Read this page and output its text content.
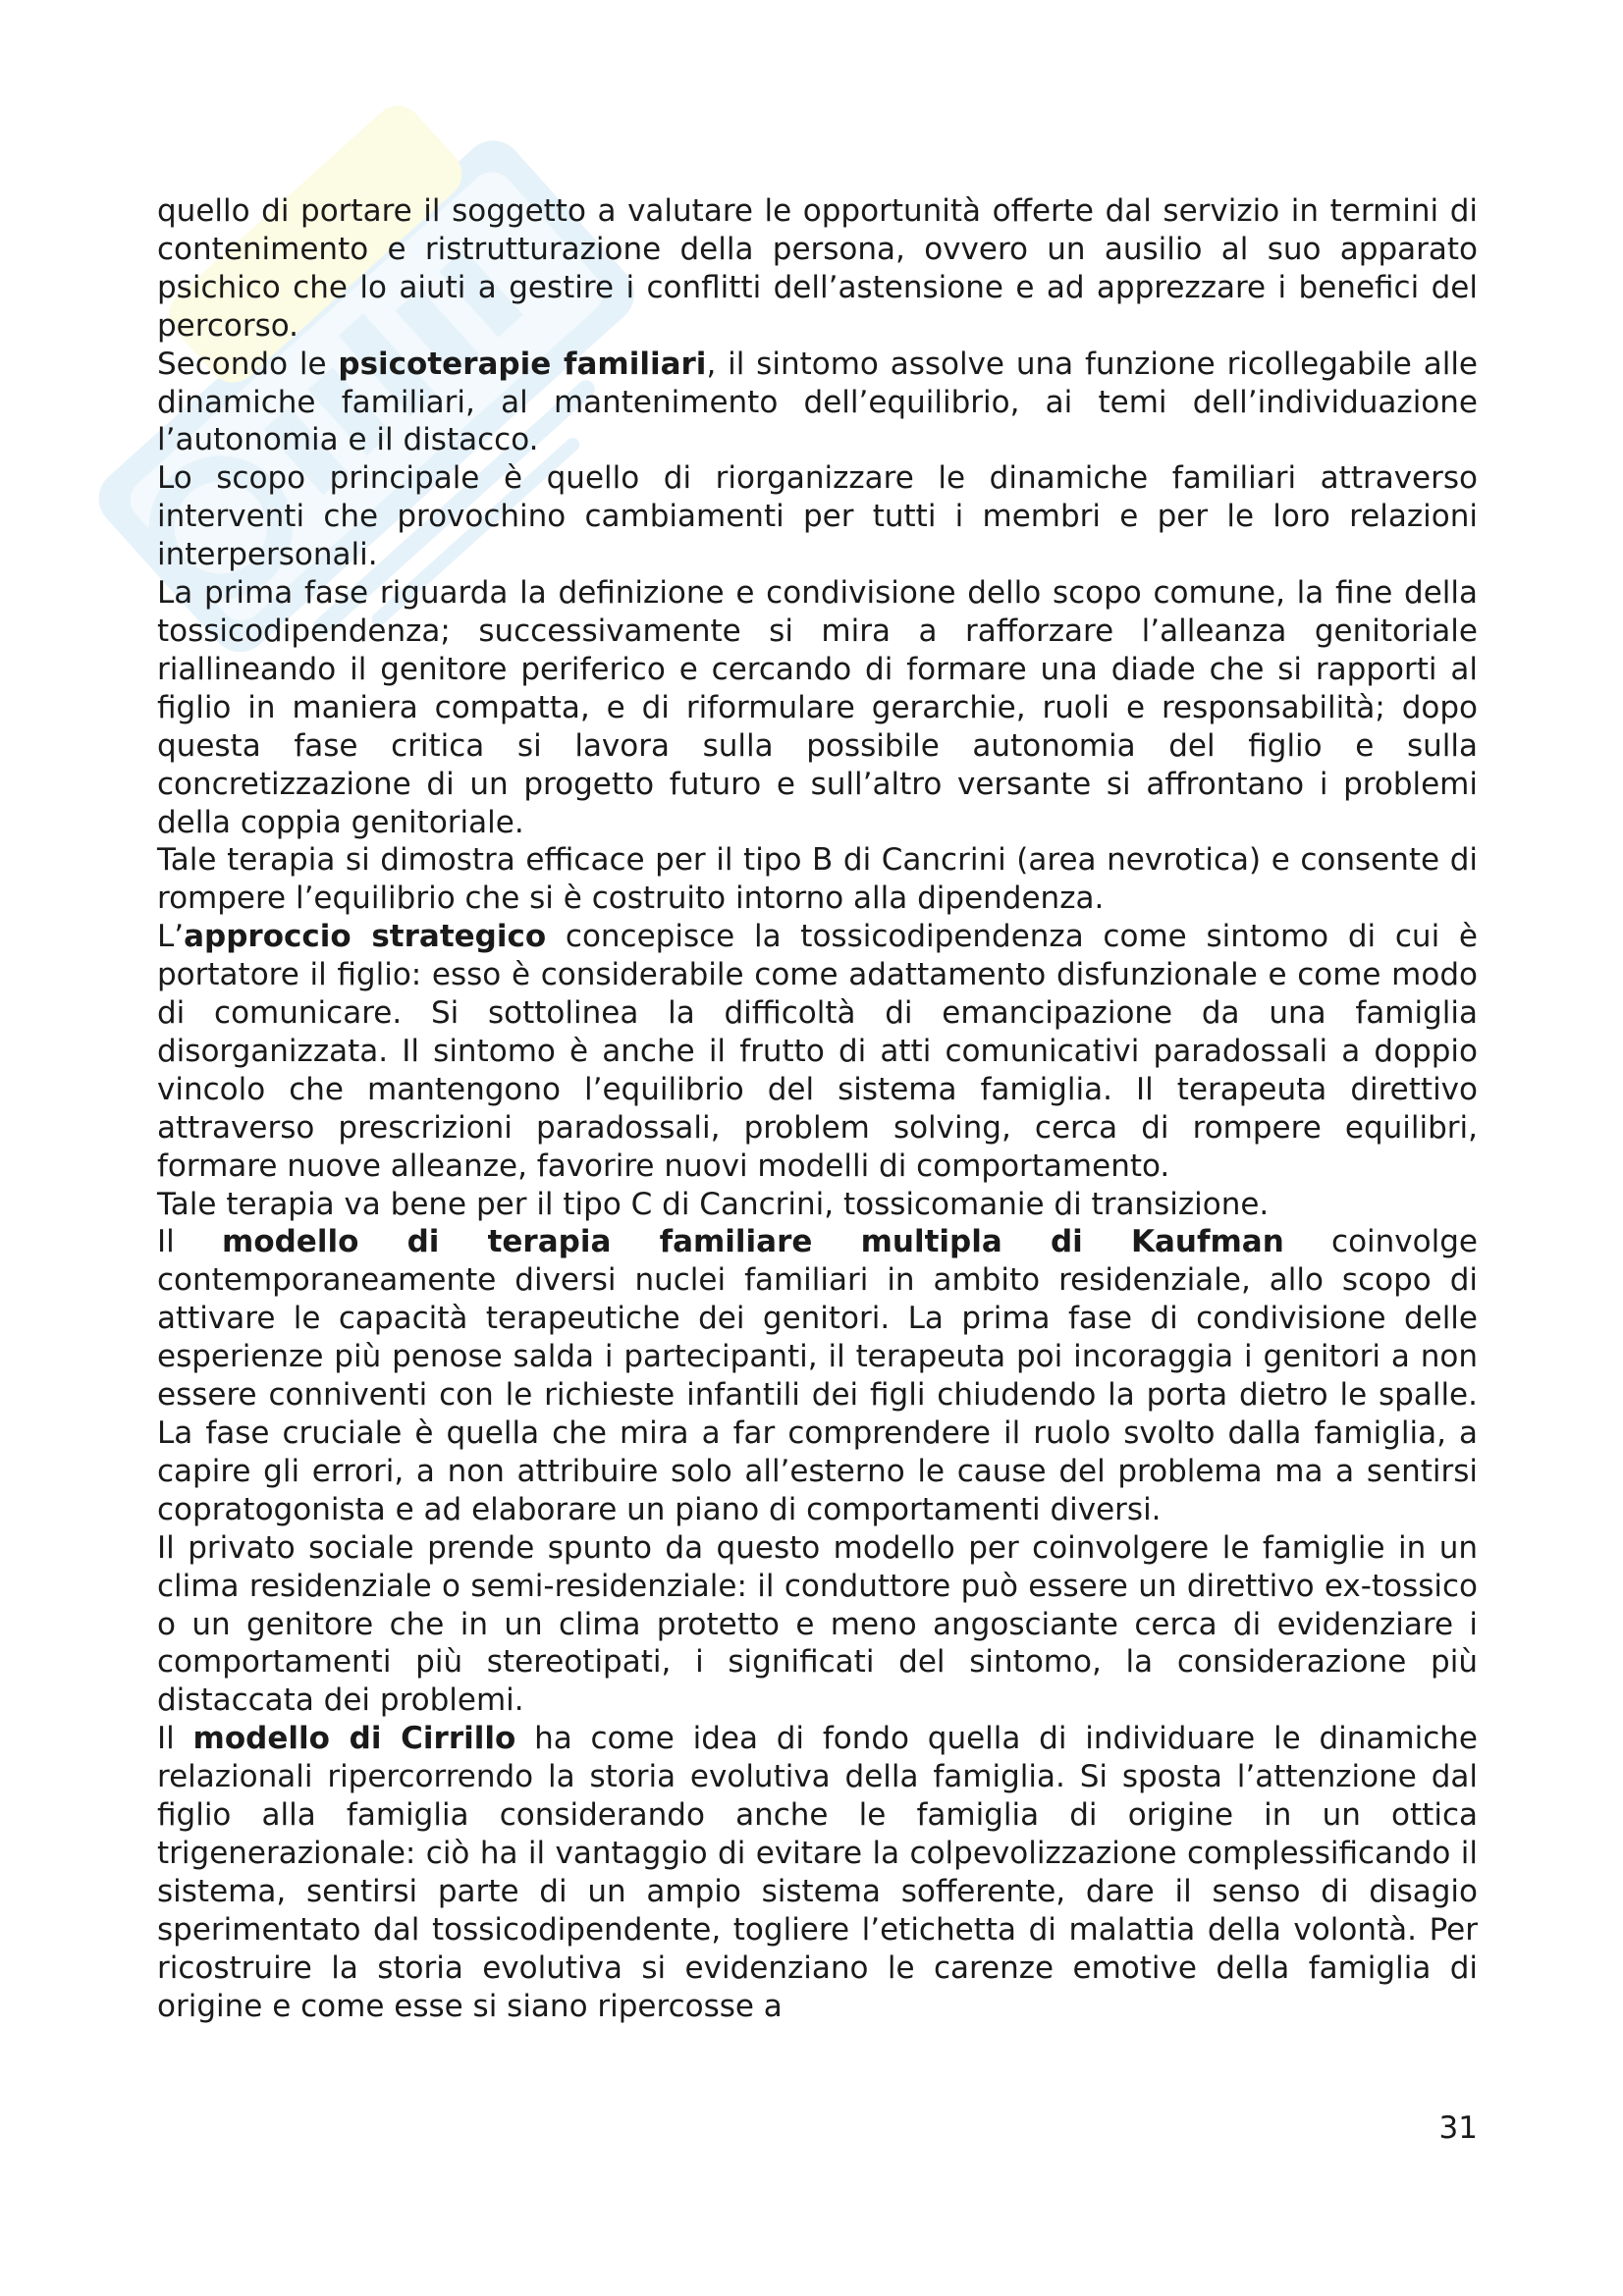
quello di portare il soggetto a valutare le opportunità offerte dal servizio in termini di contenimento e ristrutturazione della persona, ovvero un ausilio al suo apparato psichico che lo aiuti a gestire i conflitti dell’astensione e ad apprezzare i benefici del percorso.

Secondo le psicoterapie familiari, il sintomo assolve una funzione ricollegabile alle dinamiche familiari, al mantenimento dell’equilibrio, ai temi dell’individuazione l’autonomia e il distacco.

Lo scopo principale è quello di riorganizzare le dinamiche familiari attraverso interventi che provochino cambiamenti per tutti i membri e per le loro relazioni interpersonali.

La prima fase riguarda la definizione e condivisione dello scopo comune, la fine della tossicodipendenza; successivamente si mira a rafforzare l’alleanza genitoriale riallineando il genitore periferico e cercando di formare una diade che si rapporti al figlio in maniera compatta, e di riformulare gerarchie, ruoli e responsabilità; dopo questa fase critica si lavora sulla possibile autonomia del figlio e sulla concretizzazione di un progetto futuro e sull’altro versante si affrontano i problemi della coppia genitoriale.

Tale terapia si dimostra efficace per il tipo B di Cancrini (area nevrotica) e consente di rompere l’equilibrio che si è costruito intorno alla dipendenza.

L’approccio strategico concepisce la tossicodipendenza come sintomo di cui è portatore il figlio: esso è considerabile come adattamento disfunzionale e come modo di comunicare. Si sottolinea la difficoltà di emancipazione da una famiglia disorganizzata. Il sintomo è anche il frutto di atti comunicativi paradossali a doppio vincolo che mantengono l’equilibrio del sistema famiglia. Il terapeuta direttivo attraverso prescrizioni paradossali, problem solving, cerca di rompere equilibri, formare nuove alleanze, favorire nuovi modelli di comportamento.

Tale terapia va bene per il tipo C di Cancrini, tossicomanie di transizione.

Il modello di terapia familiare multipla di Kaufman coinvolge contemporaneamente diversi nuclei familiari in ambito residenziale, allo scopo di attivare le capacità terapeutiche dei genitori. La prima fase di condivisione delle esperienze più penose salda i partecipanti, il terapeuta poi incoraggia i genitori a non essere conniventi con le richieste infantili dei figli chiudendo la porta dietro le spalle. La fase cruciale è quella che mira a far comprendere il ruolo svolto dalla famiglia, a capire gli errori, a non attribuire solo all’esterno le cause del problema ma a sentirsi copratogonista e ad elaborare un piano di comportamenti diversi.

Il privato sociale prende spunto da questo modello per coinvolgere le famiglie in un clima residenziale o semi-residenziale: il conduttore può essere un direttivo ex-tossico o un genitore che in un clima protetto e meno angosciante cerca di evidenziare i comportamenti più stereotipati, i significati del sintomo, la considerazione più distaccata dei problemi.

Il modello di Cirrillo ha come idea di fondo quella di individuare le dinamiche relazionali ripercorrendo la storia evolutiva della famiglia. Si sposta l’attenzione dal figlio alla famiglia considerando anche le famiglia di origine in un ottica trigenerazionale: ciò ha il vantaggio di evitare la colpevolizzazione complessificando il sistema, sentirsi parte di un ampio sistema sofferente, dare il senso di disagio sperimentato dal tossicodipendente, togliere l’etichetta di malattia della volontà. Per ricostruire la storia evolutiva si evidenziano le carenze emotive della famiglia di origine e come esse si siano ripercosse a

31
